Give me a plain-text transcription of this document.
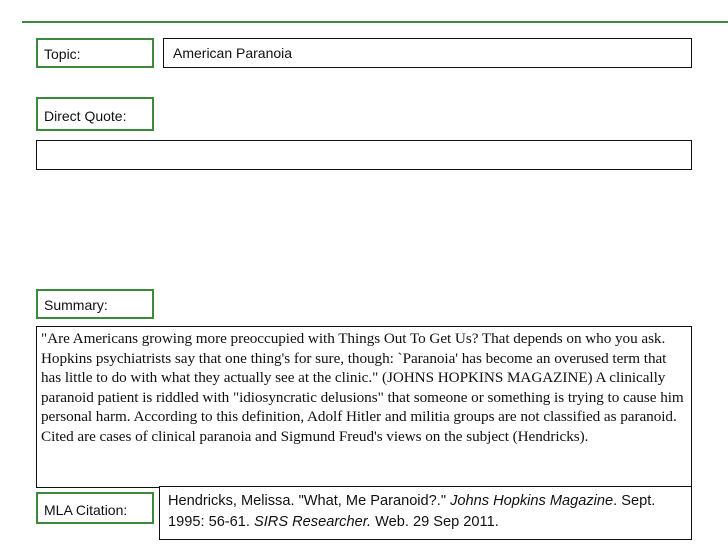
Topic:	American Paranoia
Direct Quote:
Summary:
"Are Americans growing more preoccupied with Things Out To Get Us? That depends on who you ask. Hopkins psychiatrists say that one thing's for sure, though: `Paranoia' has become an overused term that has little to do with what they actually see at the clinic." (JOHNS HOPKINS MAGAZINE) A clinically paranoid patient is riddled with "idiosyncratic delusions" that someone or something is trying to cause him personal harm. According to this definition, Adolf Hitler and militia groups are not classified as paranoid. Cited are cases of clinical paranoia and Sigmund Freud's views on the subject (Hendricks).
MLA Citation:
Hendricks, Melissa. "What, Me Paranoid?." Johns Hopkins Magazine. Sept. 1995: 56-61. SIRS Researcher. Web. 29 Sep 2011.
